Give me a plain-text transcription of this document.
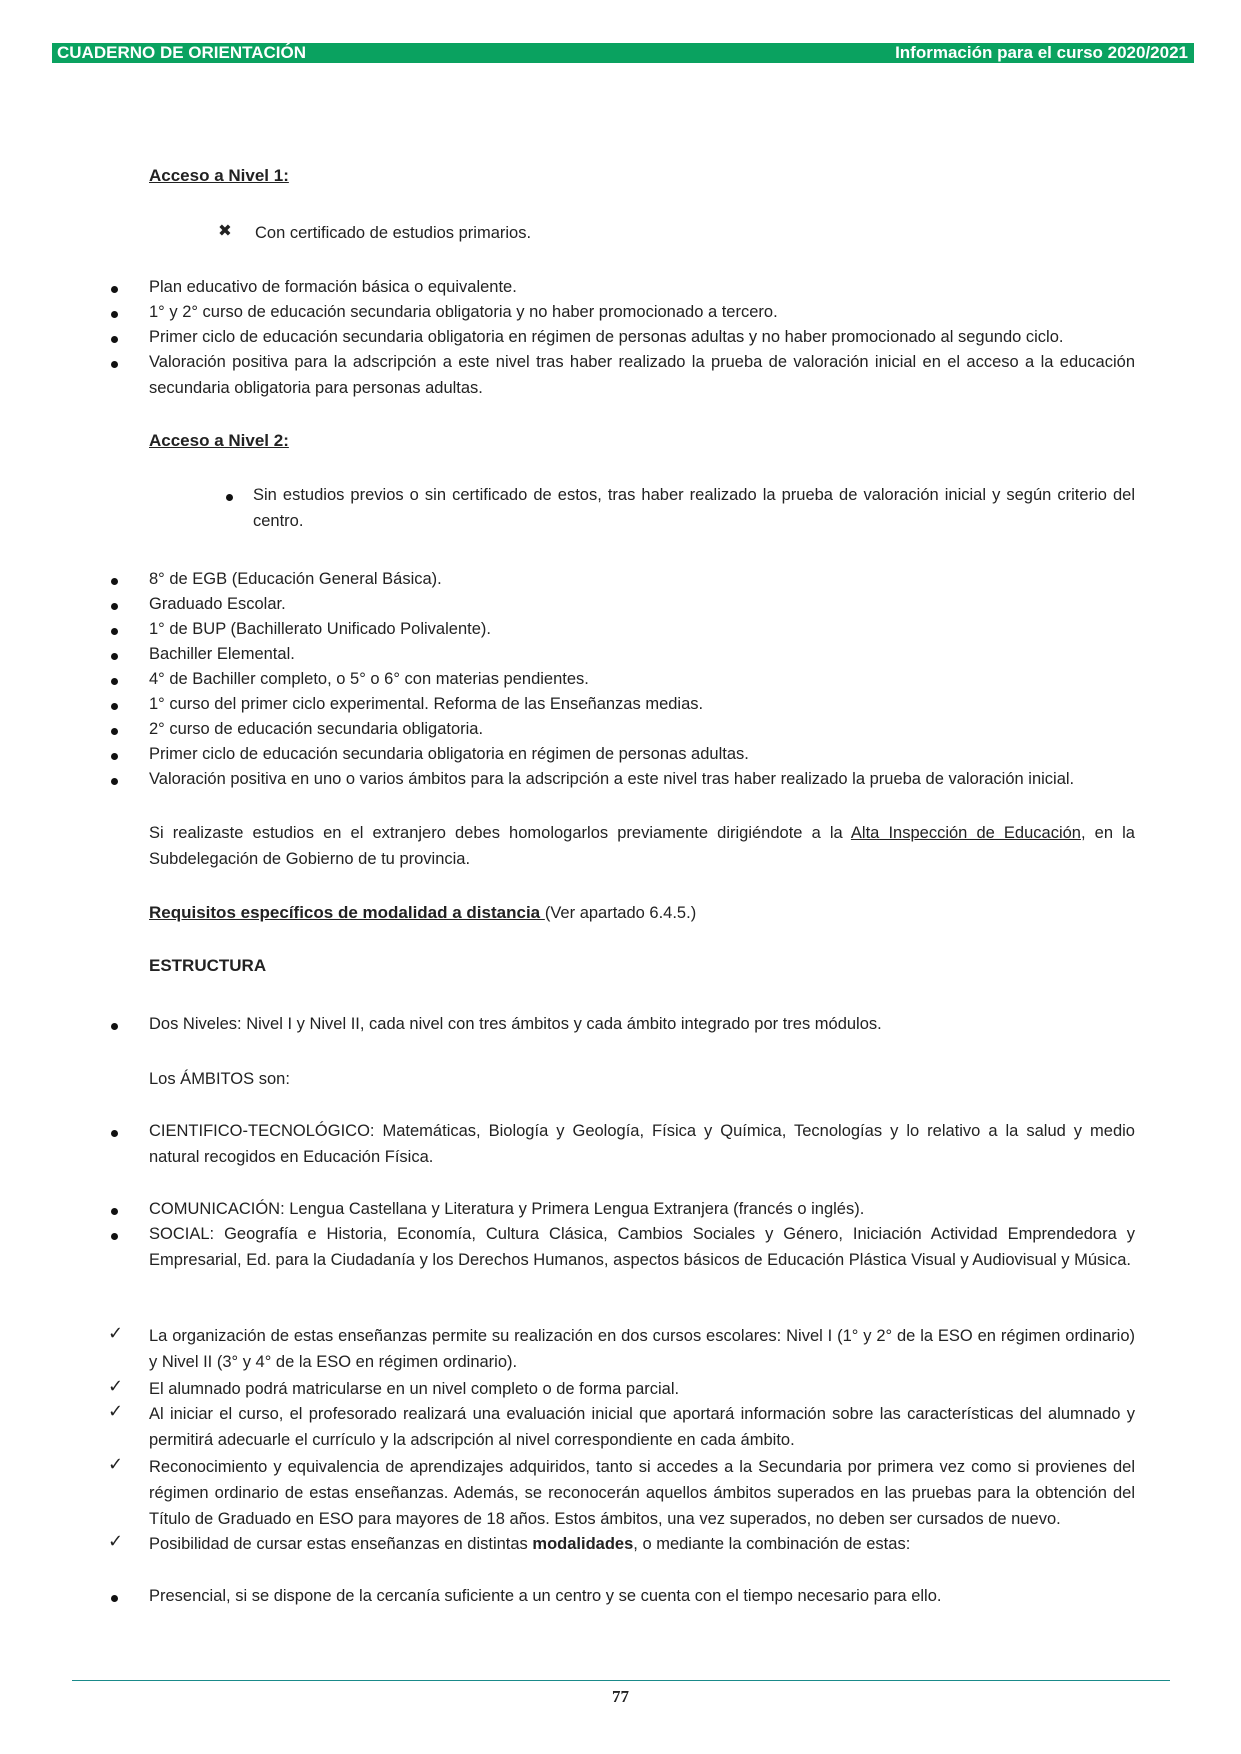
CUADERNO DE ORIENTACIÓN	Información para el curso 2020/2021
Acceso a Nivel 1:
✖ Con certificado de estudios primarios.
Plan educativo de formación básica o equivalente.
1° y 2° curso de educación secundaria obligatoria y no haber promocionado a tercero.
Primer ciclo de educación secundaria obligatoria en régimen de personas adultas y no haber promocionado al segundo ciclo.
Valoración positiva para la adscripción a este nivel tras haber realizado la prueba de valoración inicial en el acceso a la educación secundaria obligatoria para personas adultas.
Acceso a Nivel 2:
Sin estudios previos o sin certificado de estos, tras haber realizado la prueba de valoración inicial y según criterio del centro.
8° de EGB (Educación General Básica).
Graduado Escolar.
1° de BUP (Bachillerato Unificado Polivalente).
Bachiller Elemental.
4° de Bachiller completo, o 5° o 6° con materias pendientes.
1° curso del primer ciclo experimental. Reforma de las Enseñanzas medias.
2° curso de educación secundaria obligatoria.
Primer ciclo de educación secundaria obligatoria en régimen de personas adultas.
Valoración positiva en uno o varios ámbitos para la adscripción a este nivel tras haber realizado la prueba de valoración inicial.
Si realizaste estudios en el extranjero debes homologarlos previamente dirigiéndote a la Alta Inspección de Educación, en la Subdelegación de Gobierno de tu provincia.
Requisitos específicos de modalidad a distancia (Ver apartado 6.4.5.)
ESTRUCTURA
Dos Niveles: Nivel I y Nivel II, cada nivel con tres ámbitos y cada ámbito integrado por tres módulos.
Los ÁMBITOS son:
CIENTIFICO-TECNOLÓGICO: Matemáticas, Biología y Geología, Física y Química, Tecnologías y lo relativo a la salud y medio natural recogidos en Educación Física.
COMUNICACIÓN: Lengua Castellana y Literatura y Primera Lengua Extranjera (francés o inglés).
SOCIAL: Geografía e Historia, Economía, Cultura Clásica, Cambios Sociales y Género, Iniciación Actividad Emprendedora y Empresarial, Ed. para la Ciudadanía y los Derechos Humanos, aspectos básicos de Educación Plástica Visual y Audiovisual y Música.
✓ La organización de estas enseñanzas permite su realización en dos cursos escolares: Nivel I (1° y 2° de la ESO en régimen ordinario) y Nivel II (3° y 4° de la ESO en régimen ordinario).
✓ El alumnado podrá matricularse en un nivel completo o de forma parcial.
✓ Al iniciar el curso, el profesorado realizará una evaluación inicial que aportará información sobre las características del alumnado y permitirá adecuarle el currículo y la adscripción al nivel correspondiente en cada ámbito.
✓ Reconocimiento y equivalencia de aprendizajes adquiridos, tanto si accedes a la Secundaria por primera vez como si provienes del régimen ordinario de estas enseñanzas. Además, se reconocerán aquellos ámbitos superados en las pruebas para la obtención del Título de Graduado en ESO para mayores de 18 años. Estos ámbitos, una vez superados, no deben ser cursados de nuevo.
✓ Posibilidad de cursar estas enseñanzas en distintas modalidades, o mediante la combinación de estas:
Presencial, si se dispone de la cercanía suficiente a un centro y se cuenta con el tiempo necesario para ello.
77
